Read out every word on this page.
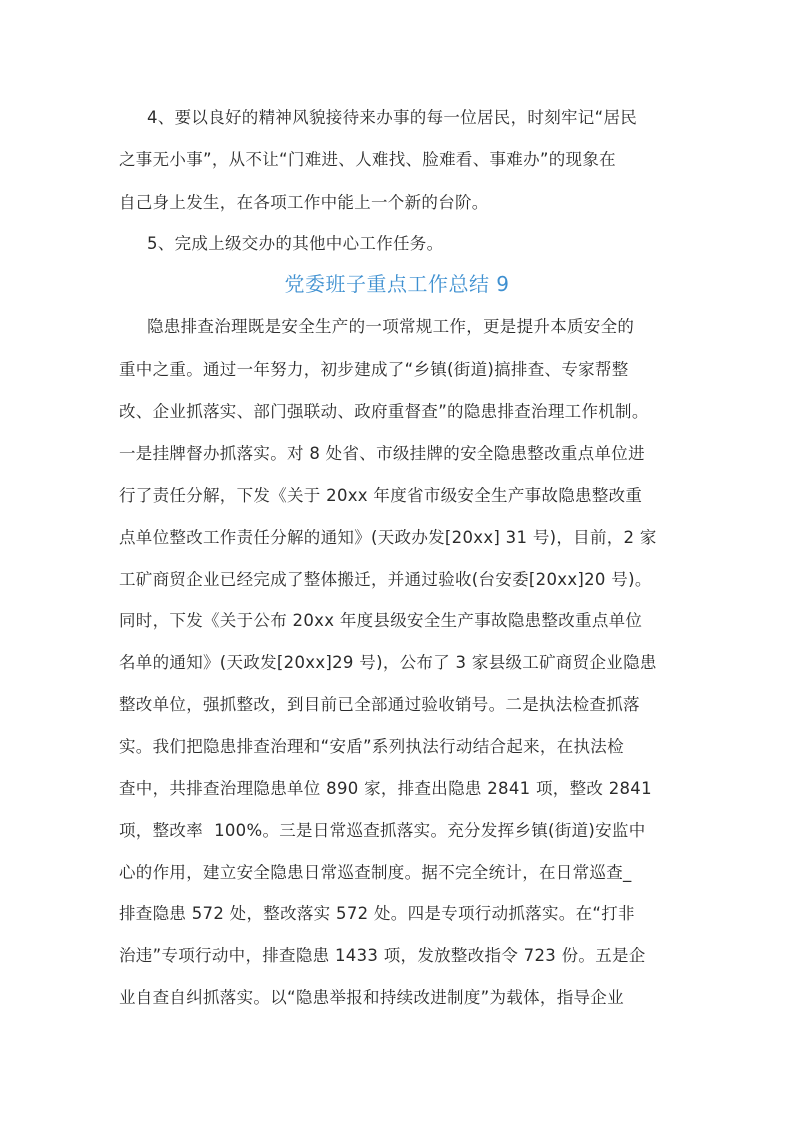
4、要以良好的精神风貌接待来办事的每一位居民，时刻牢记“居民
之事无小事”，从不让“门难进、人难找、脸难看、事难办”的现象在
自己身上发生，在各项工作中能上一个新的台阶。
5、完成上级交办的其他中心工作任务。
党委班子重点工作总结 9
隐患排查治理既是安全生产的一项常规工作，更是提升本质安全的
重中之重。通过一年努力，初步建成了“乡镇(街道)搞排查、专家帮整
改、企业抓落实、部门强联动、政府重督查”的隐患排查治理工作机制。
一是挂牌督办抓落实。对 8 处省、市级挂牌的安全隐患整改重点单位进
行了责任分解，下发《关于 20xx 年度省市级安全生产事故隐患整改重
点单位整改工作责任分解的通知》(天政办发[20xx] 31 号)，目前，2 家
工矿商贸企业已经完成了整体搬迁，并通过验收(台安委[20xx]20 号)。
同时，下发《关于公布 20xx 年度县级安全生产事故隐患整改重点单位
名单的通知》(天政发[20xx]29 号)，公布了 3 家县级工矿商贸企业隐患
整改单位，强抓整改，到目前已全部通过验收销号。二是执法检查抓落
实。我们把隐患排查治理和“安盾”系列执法行动结合起来，在执法检
查中，共排查治理隐患单位 890 家，排查出隐患 2841 项，整改 2841
项，整改率  100%。三是日常巡查抓落实。充分发挥乡镇(街道)安监中
心的作用，建立安全隐患日常巡查制度。据不完全统计，在日常巡查_
排查隐患 572 处，整改落实 572 处。四是专项行动抓落实。在“打非
治违”专项行动中，排查隐患 1433 项，发放整改指令 723 份。五是企
业自查自纠抓落实。以“隐患举报和持续改进制度”为载体，指导企业
